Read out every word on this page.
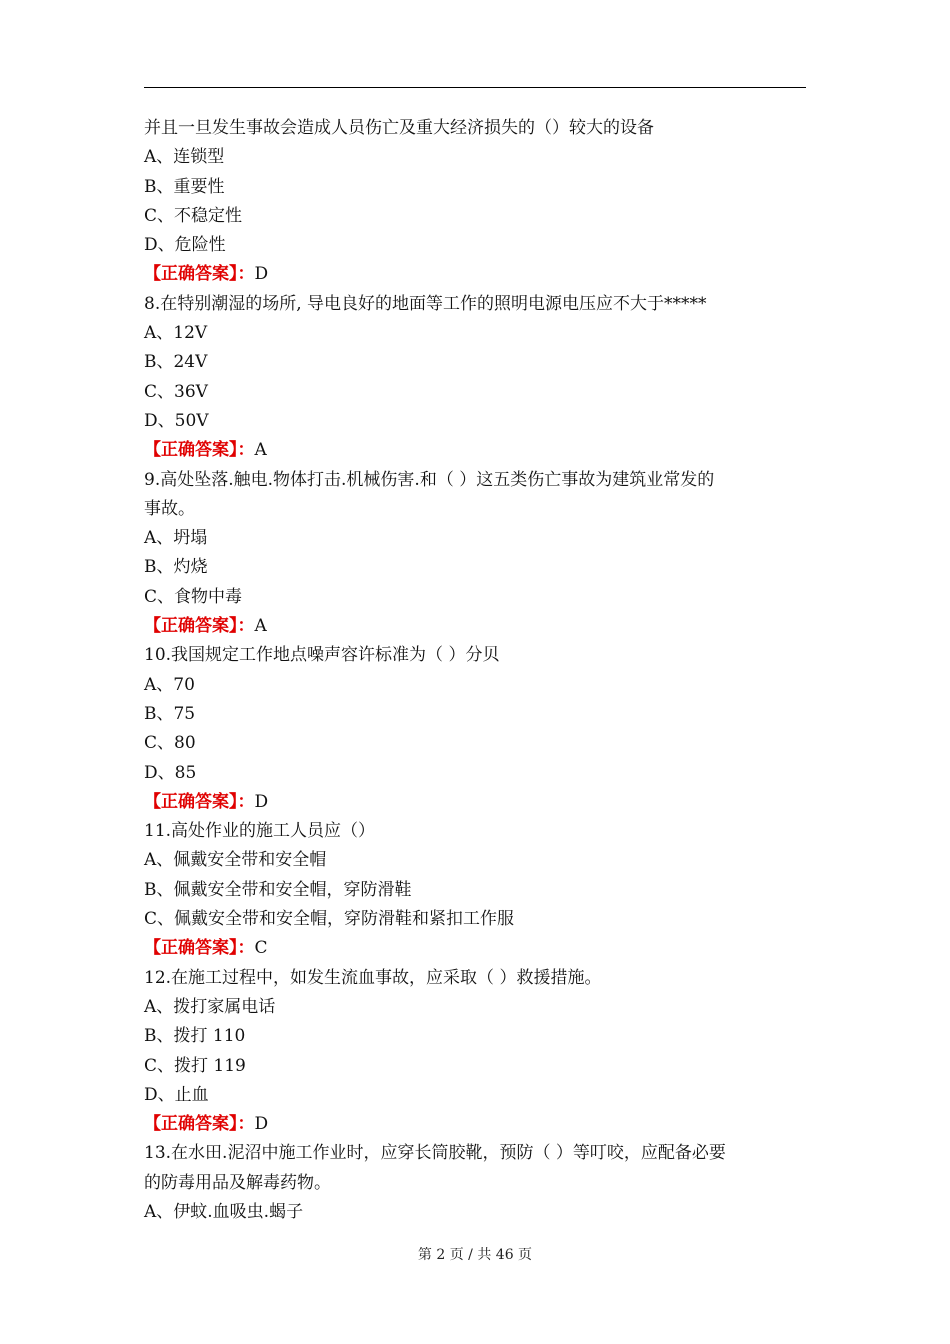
并且一旦发生事故会造成人员伤亡及重大经济损失的（）较大的设备
A、连锁型
B、重要性
C、不稳定性
D、危险性
【正确答案】：D
8.在特别潮湿的场所, 导电良好的地面等工作的照明电源电压应不大于*****
A、12V
B、24V
C、36V
D、50V
【正确答案】：A
9.高处坠落.触电.物体打击.机械伤害.和（ ）这五类伤亡事故为建筑业常发的
事故。
A、坍塌
B、灼烧
C、食物中毒
【正确答案】：A
10.我国规定工作地点噪声容许标准为（ ）分贝
A、70
B、75
C、80
D、85
【正确答案】：D
11.高处作业的施工人员应（）
A、佩戴安全带和安全帽
B、佩戴安全带和安全帽，穿防滑鞋
C、佩戴安全带和安全帽，穿防滑鞋和紧扣工作服
【正确答案】：C
12.在施工过程中，如发生流血事故，应采取（ ）救援措施。
A、拨打家属电话
B、拨打 110
C、拨打 119
D、止血
【正确答案】：D
13.在水田.泥沼中施工作业时，应穿长筒胶靴，预防（ ）等叮咬，应配备必要
的防毒用品及解毒药物。
A、伊蚊.血吸虫.蝎子
第 2 页 / 共 46 页
